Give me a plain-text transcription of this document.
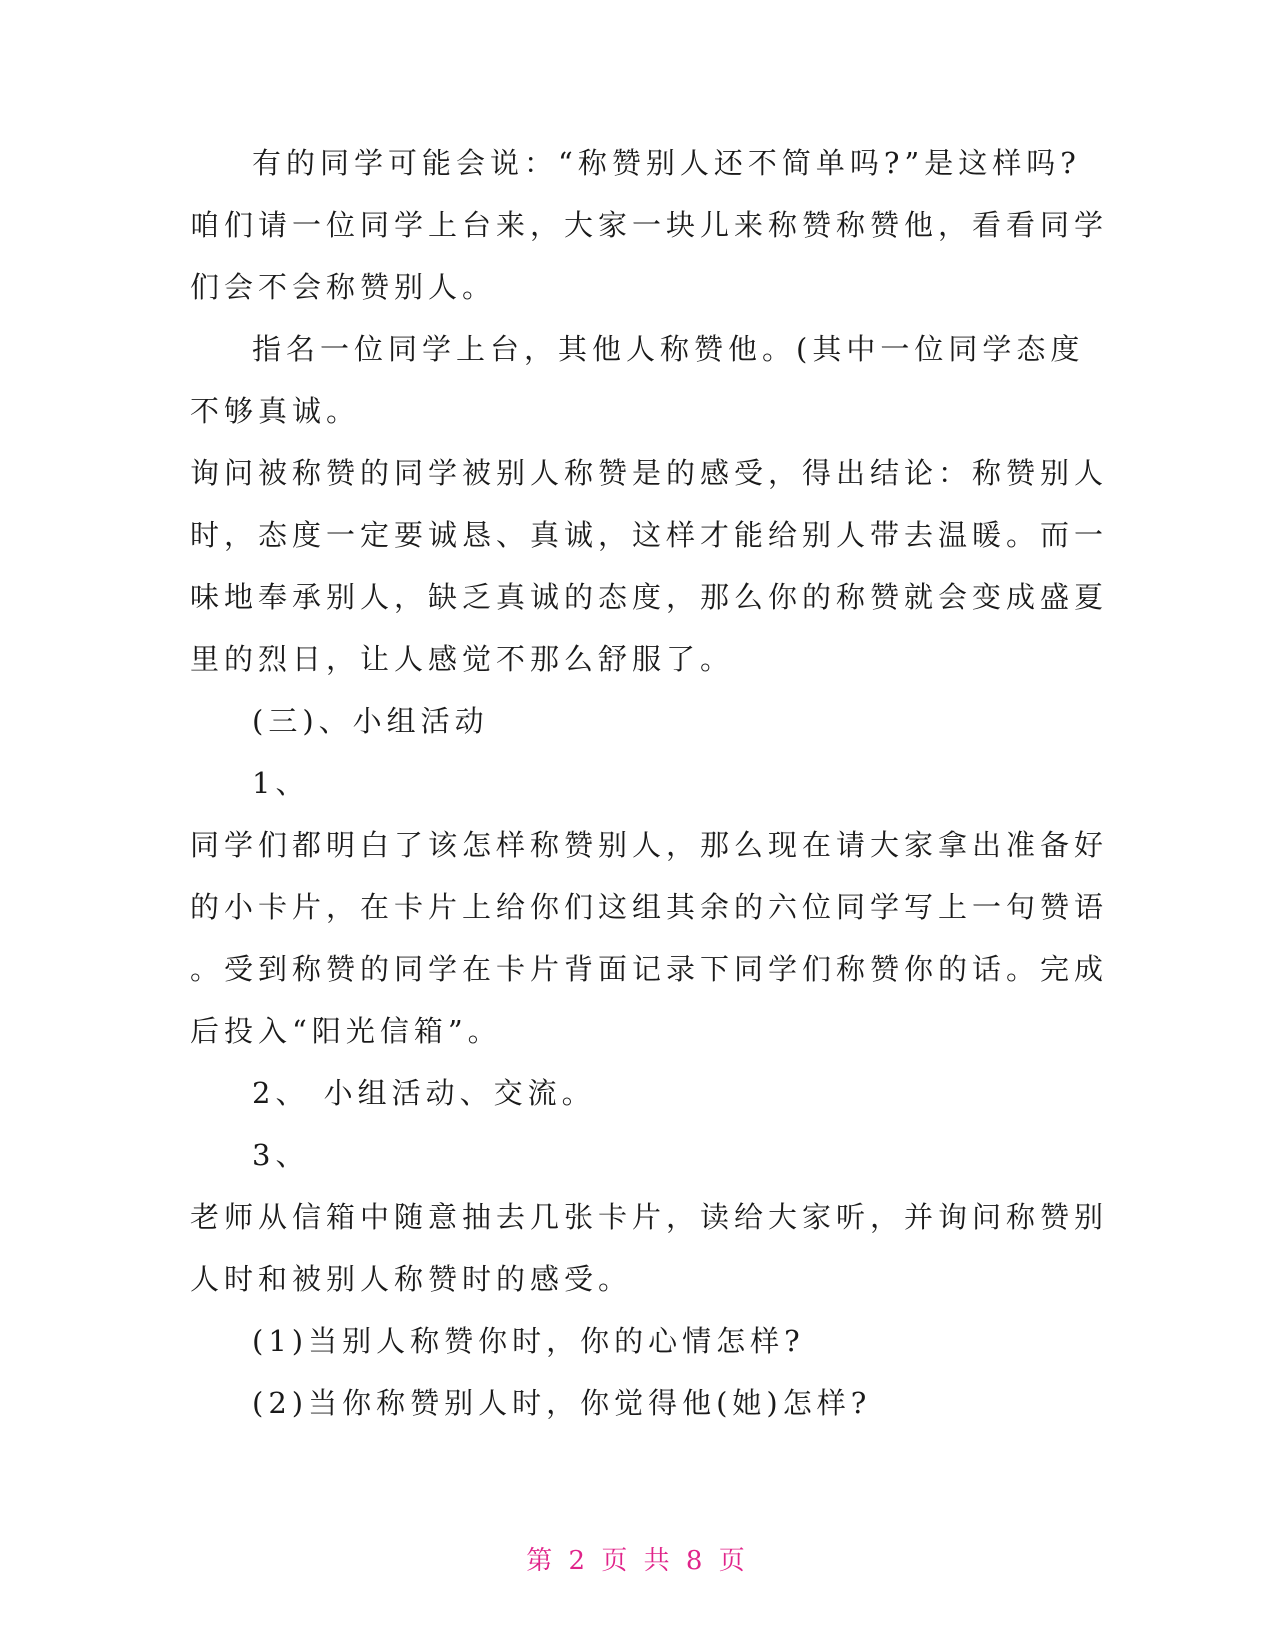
有的同学可能会说：“称赞别人还不简单吗?”是这样吗?
咱们请一位同学上台来，大家一块儿来称赞称赞他，看看同学
们会不会称赞别人。
指名一位同学上台，其他人称赞他。(其中一位同学态度
不够真诚。
询问被称赞的同学被别人称赞是的感受，得出结论：称赞别人
时，态度一定要诚恳、真诚，这样才能给别人带去温暖。而一
味地奉承别人，缺乏真诚的态度，那么你的称赞就会变成盛夏
里的烈日，让人感觉不那么舒服了。
(三)、小组活动
1、
同学们都明白了该怎样称赞别人，那么现在请大家拿出准备好
的小卡片，在卡片上给你们这组其余的六位同学写上一句赞语
。受到称赞的同学在卡片背面记录下同学们称赞你的话。完成
后投入“阳光信箱”。
2、 小组活动、交流。
3、
老师从信箱中随意抽去几张卡片，读给大家听，并询问称赞别
人时和被别人称赞时的感受。
(1)当别人称赞你时，你的心情怎样?
(2)当你称赞别人时，你觉得他(她)怎样?
第 2 页 共 8 页
